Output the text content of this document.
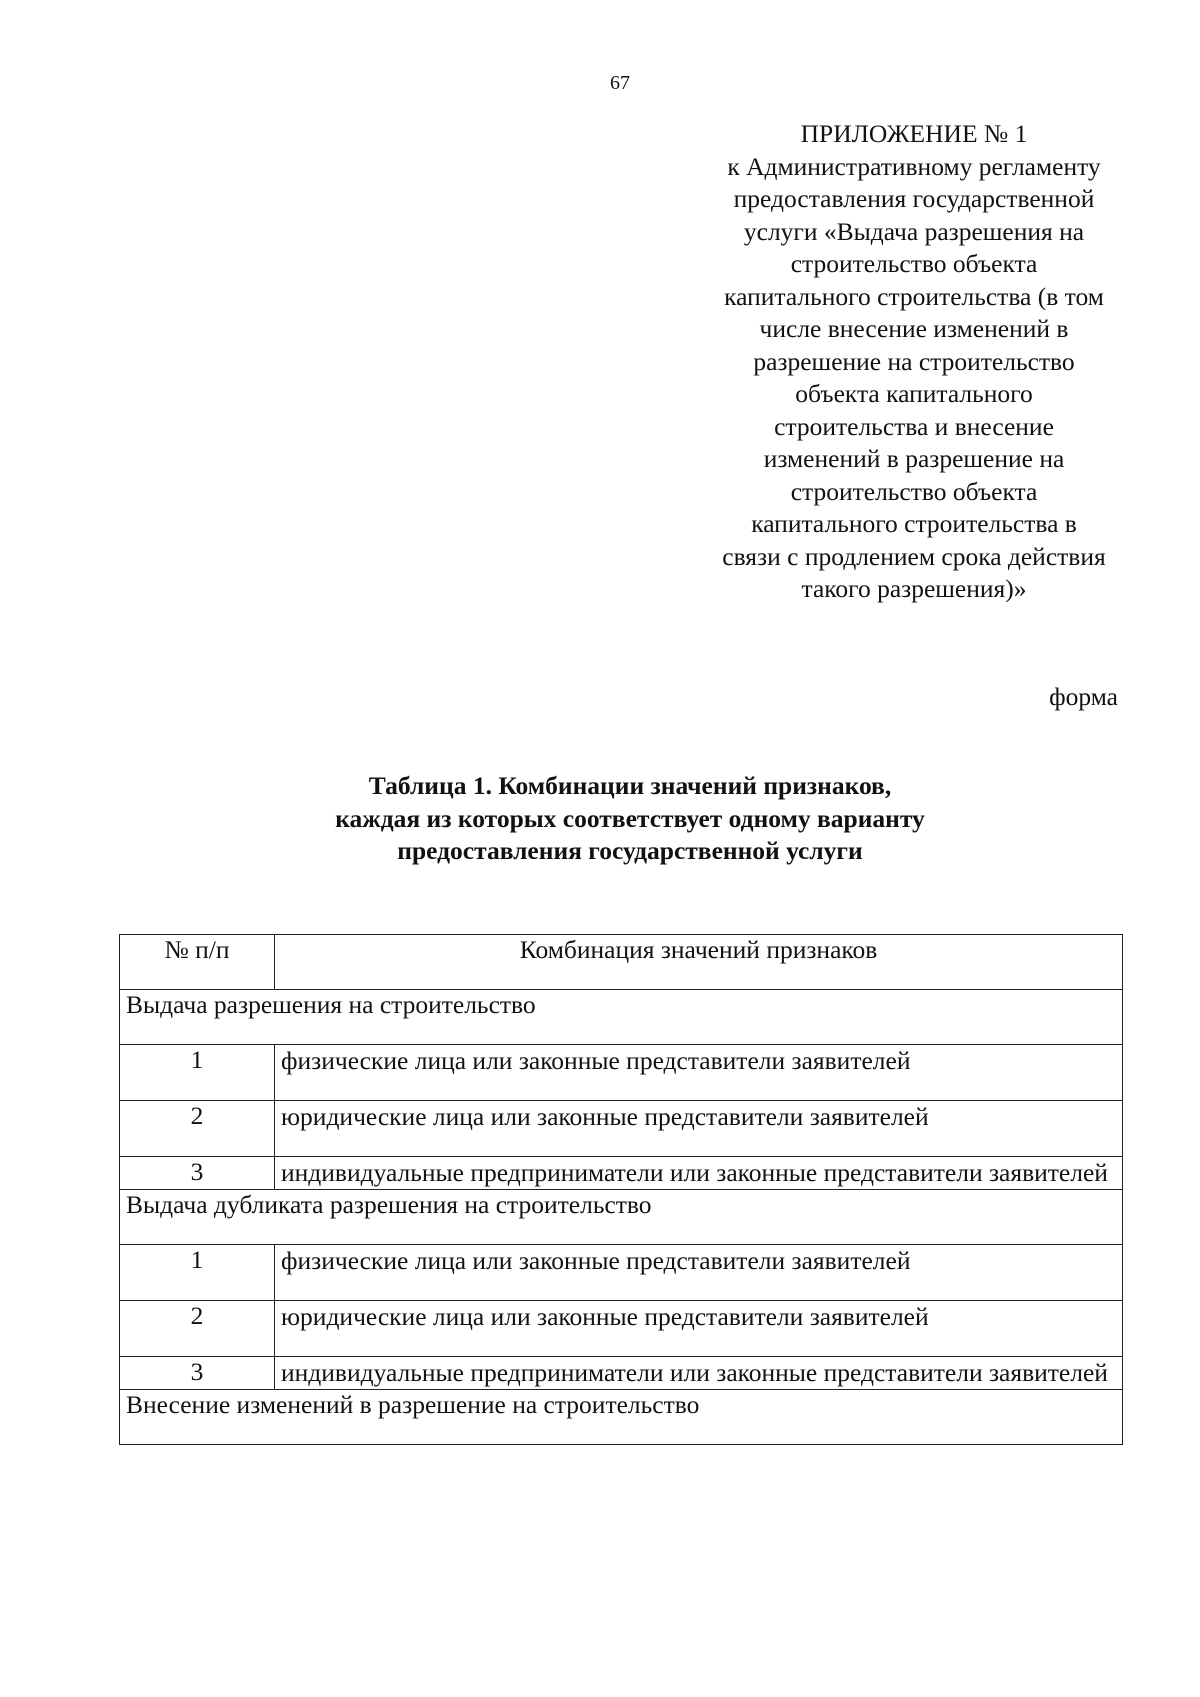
67
ПРИЛОЖЕНИЕ № 1
к Административному регламенту
предоставления государственной
услуги «Выдача разрешения на
строительство объекта
капитального строительства (в том
числе внесение изменений в
разрешение на строительство
объекта капитального
строительства и внесение
изменений в разрешение на
строительство объекта
капитального строительства в
связи с продлением срока действия
такого разрешения)»
форма
Таблица 1. Комбинации значений признаков,
каждая из которых соответствует одному варианту
предоставления государственной услуги
№ п/п	Комбинация значений признаков
Выдача разрешения на строительство	
1	физические лица или законные представители заявителей
2	юридические лица или законные представители заявителей
3	индивидуальные предприниматели или законные представители заявителей
Выдача дубликата разрешения на строительство	
1	физические лица или законные представители заявителей
2	юридические лица или законные представители заявителей
3	индивидуальные предприниматели или законные представители заявителей
Внесение изменений в разрешение на строительство	
